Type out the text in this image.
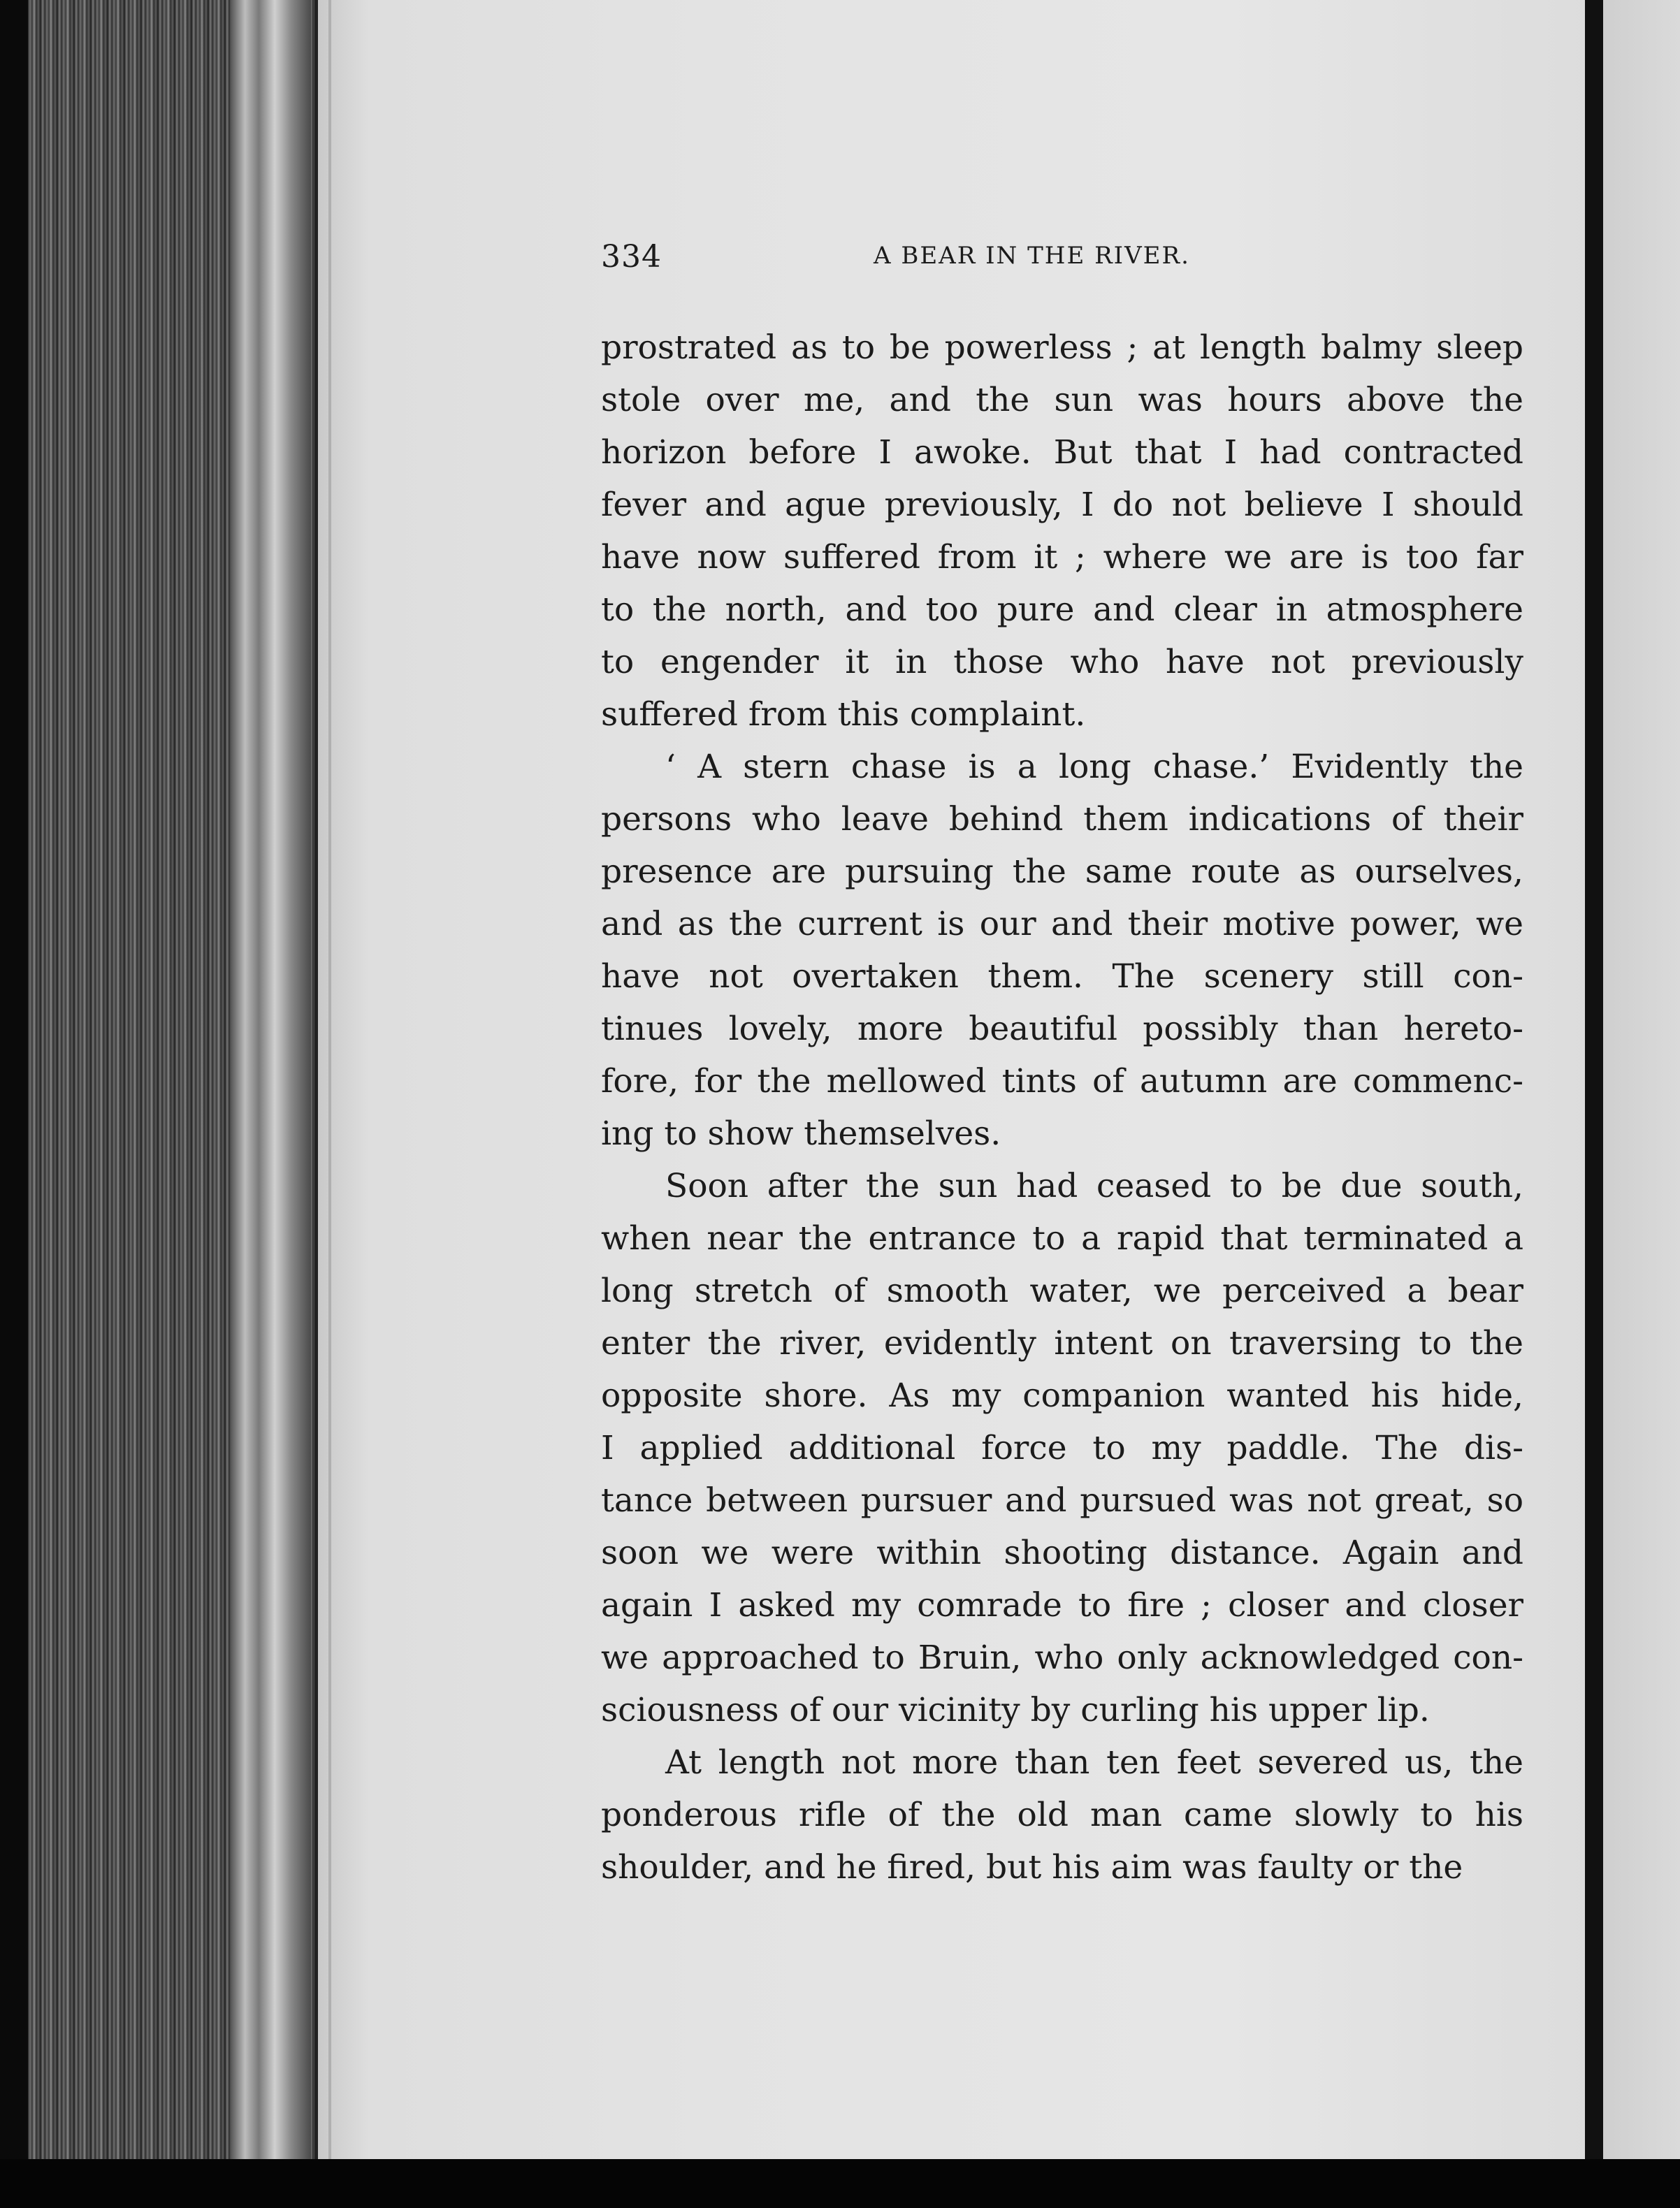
334	A BEAR IN THE RIVER.

prostrated as to be powerless ; at length balmy sleep
stole over me, and the sun was hours above the
horizon before I awoke. But that I had contracted
fever and ague previously, I do not believe I should
have now suffered from it ; where we are is too far
to the north, and too pure and clear in atmosphere
to engender it in those who have not previously
suffered from this complaint.

‘ A stern chase is a long chase.’ Evidently the
persons who leave behind them indications of their
presence are pursuing the same route as ourselves,
and as the current is our and their motive power, we
have not overtaken them. The scenery still con-
tinues lovely, more beautiful possibly than hereto-
fore, for the mellowed tints of autumn are commenc-
ing to show themselves.

Soon after the sun had ceased to be due south,
when near the entrance to a rapid that terminated a
long stretch of smooth water, we perceived a bear
enter the river, evidently intent on traversing to the
opposite shore. As my companion wanted his hide,
I applied additional force to my paddle. The dis-
tance between pursuer and pursued was not great, so
soon we were within shooting distance. Again and
again I asked my comrade to fire ; closer and closer
we approached to Bruin, who only acknowledged con-
sciousness of our vicinity by curling his upper lip.

At length not more than ten feet severed us, the
ponderous rifle of the old man came slowly to his
shoulder, and he fired, but his aim was faulty or the
